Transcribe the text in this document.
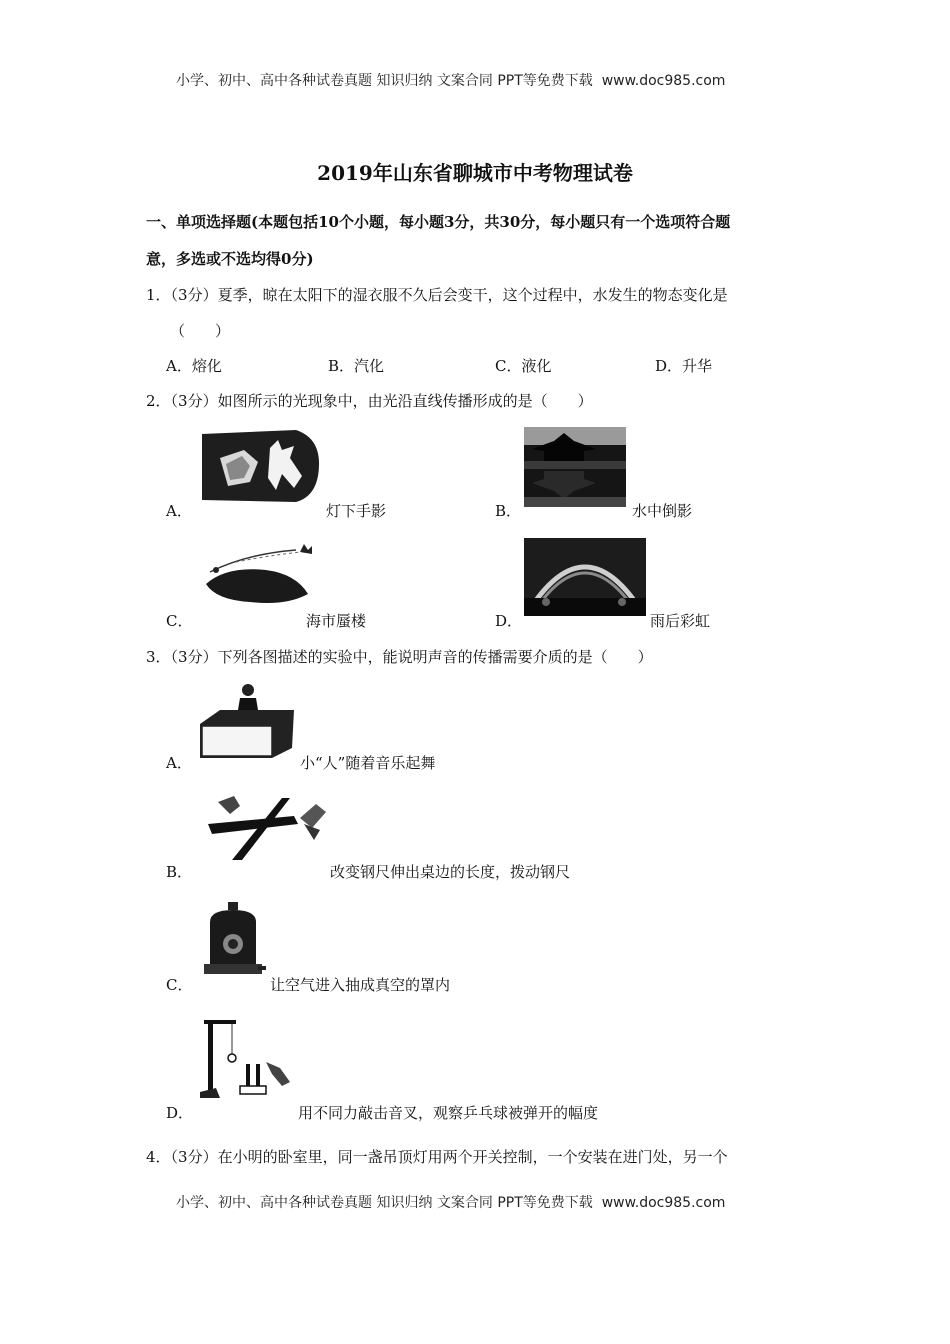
小学、初中、高中各种试卷真题 知识归纳 文案合同 PPT等免费下载 www.doc985.com
2019年山东省聊城市中考物理试卷
一、单项选择题(本题包括10个小题，每小题3分，共30分，每小题只有一个选项符合题
意，多选或不选均得0分)
1．（3分）夏季，晾在太阳下的湿衣服不久后会变干，这个过程中，水发生的物态变化是
（　　）
A．熔化	B．汽化	C．液化	D．升华
2．（3分）如图所示的光现象中，由光沿直线传播形成的是（　　）
A．	灯下手影	B．	水中倒影
C．	海市蜃楼	D．	雨后彩虹
3．（3分）下列各图描述的实验中，能说明声音的传播需要介质的是（　　）
A．	小“人”随着音乐起舞
B．	改变钢尺伸出桌边的长度，拨动钢尺
C．	让空气进入抽成真空的罩内
D．	用不同力敲击音叉，观察乒乓球被弹开的幅度
4．（3分）在小明的卧室里，同一盏吊顶灯用两个开关控制，一个安装在进门处，另一个
小学、初中、高中各种试卷真题 知识归纳 文案合同 PPT等免费下载 www.doc985.com
